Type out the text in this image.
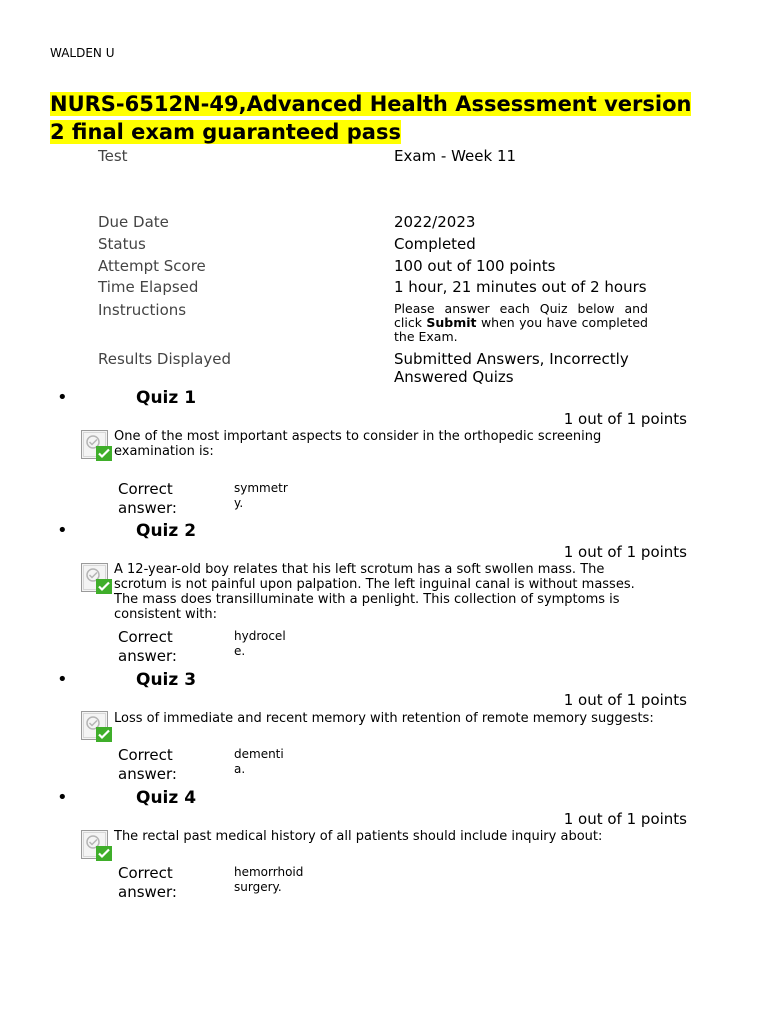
WALDEN U
NURS-6512N-49,Advanced Health Assessment version 2 final exam guaranteed pass
Test	Exam - Week 11
Due Date	2022/2023
Status	Completed
Attempt Score	100 out of 100 points
Time Elapsed	1 hour, 21 minutes out of 2 hours
Instructions	Please answer each Quiz below and click Submit when you have completed the Exam.
Results Displayed	Submitted Answers, Incorrectly Answered Quizs
•	Quiz 1
1 out of 1 points
One of the most important aspects to consider in the orthopedic screening examination is:
Correct answer:
symmetry.
•	Quiz 2
1 out of 1 points
A 12-year-old boy relates that his left scrotum has a soft swollen mass. The scrotum is not painful upon palpation. The left inguinal canal is without masses. The mass does transilluminate with a penlight. This collection of symptoms is consistent with:
Correct answer:
hydrocele.
•	Quiz 3
1 out of 1 points
Loss of immediate and recent memory with retention of remote memory suggests:
Correct answer:
dementia.
•	Quiz 4
1 out of 1 points
The rectal past medical history of all patients should include inquiry about:
Correct answer:
hemorrhoid surgery.
